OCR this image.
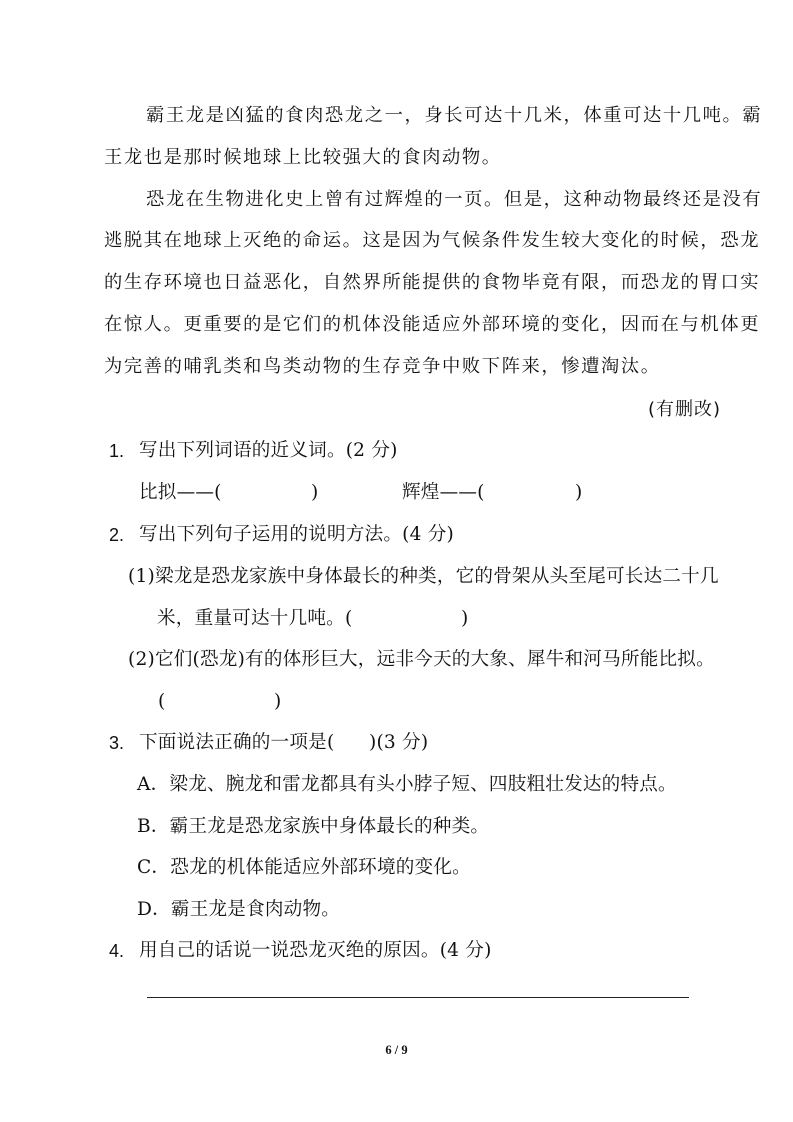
霸王龙是凶猛的食肉恐龙之一，身长可达十几米，体重可达十几吨。霸
王龙也是那时候地球上比较强大的食肉动物。
恐龙在生物进化史上曾有过辉煌的一页。但是，这种动物最终还是没有
逃脱其在地球上灭绝的命运。这是因为气候条件发生较大变化的时候，恐龙
的生存环境也日益恶化，自然界所能提供的食物毕竟有限，而恐龙的胃口实
在惊人。更重要的是它们的机体没能适应外部环境的变化，因而在与机体更
为完善的哺乳类和鸟类动物的生存竞争中败下阵来，惨遭淘汰。
(有删改)
1. 写出下列词语的近义词。(2 分)
比拟——(	)	辉煌——(	)
2. 写出下列句子运用的说明方法。(4 分)
(1)梁龙是恐龙家族中身体最长的种类，它的骨架从头至尾可长达二十几
米，重量可达十几吨。(	)
(2)它们(恐龙)有的体形巨大，远非今天的大象、犀牛和河马所能比拟。
(	)
3. 下面说法正确的一项是( )(3 分)
A．梁龙、腕龙和雷龙都具有头小脖子短、四肢粗壮发达的特点。
B．霸王龙是恐龙家族中身体最长的种类。
C．恐龙的机体能适应外部环境的变化。
D．霸王龙是食肉动物。
4. 用自己的话说一说恐龙灭绝的原因。(4 分)
6 / 9
